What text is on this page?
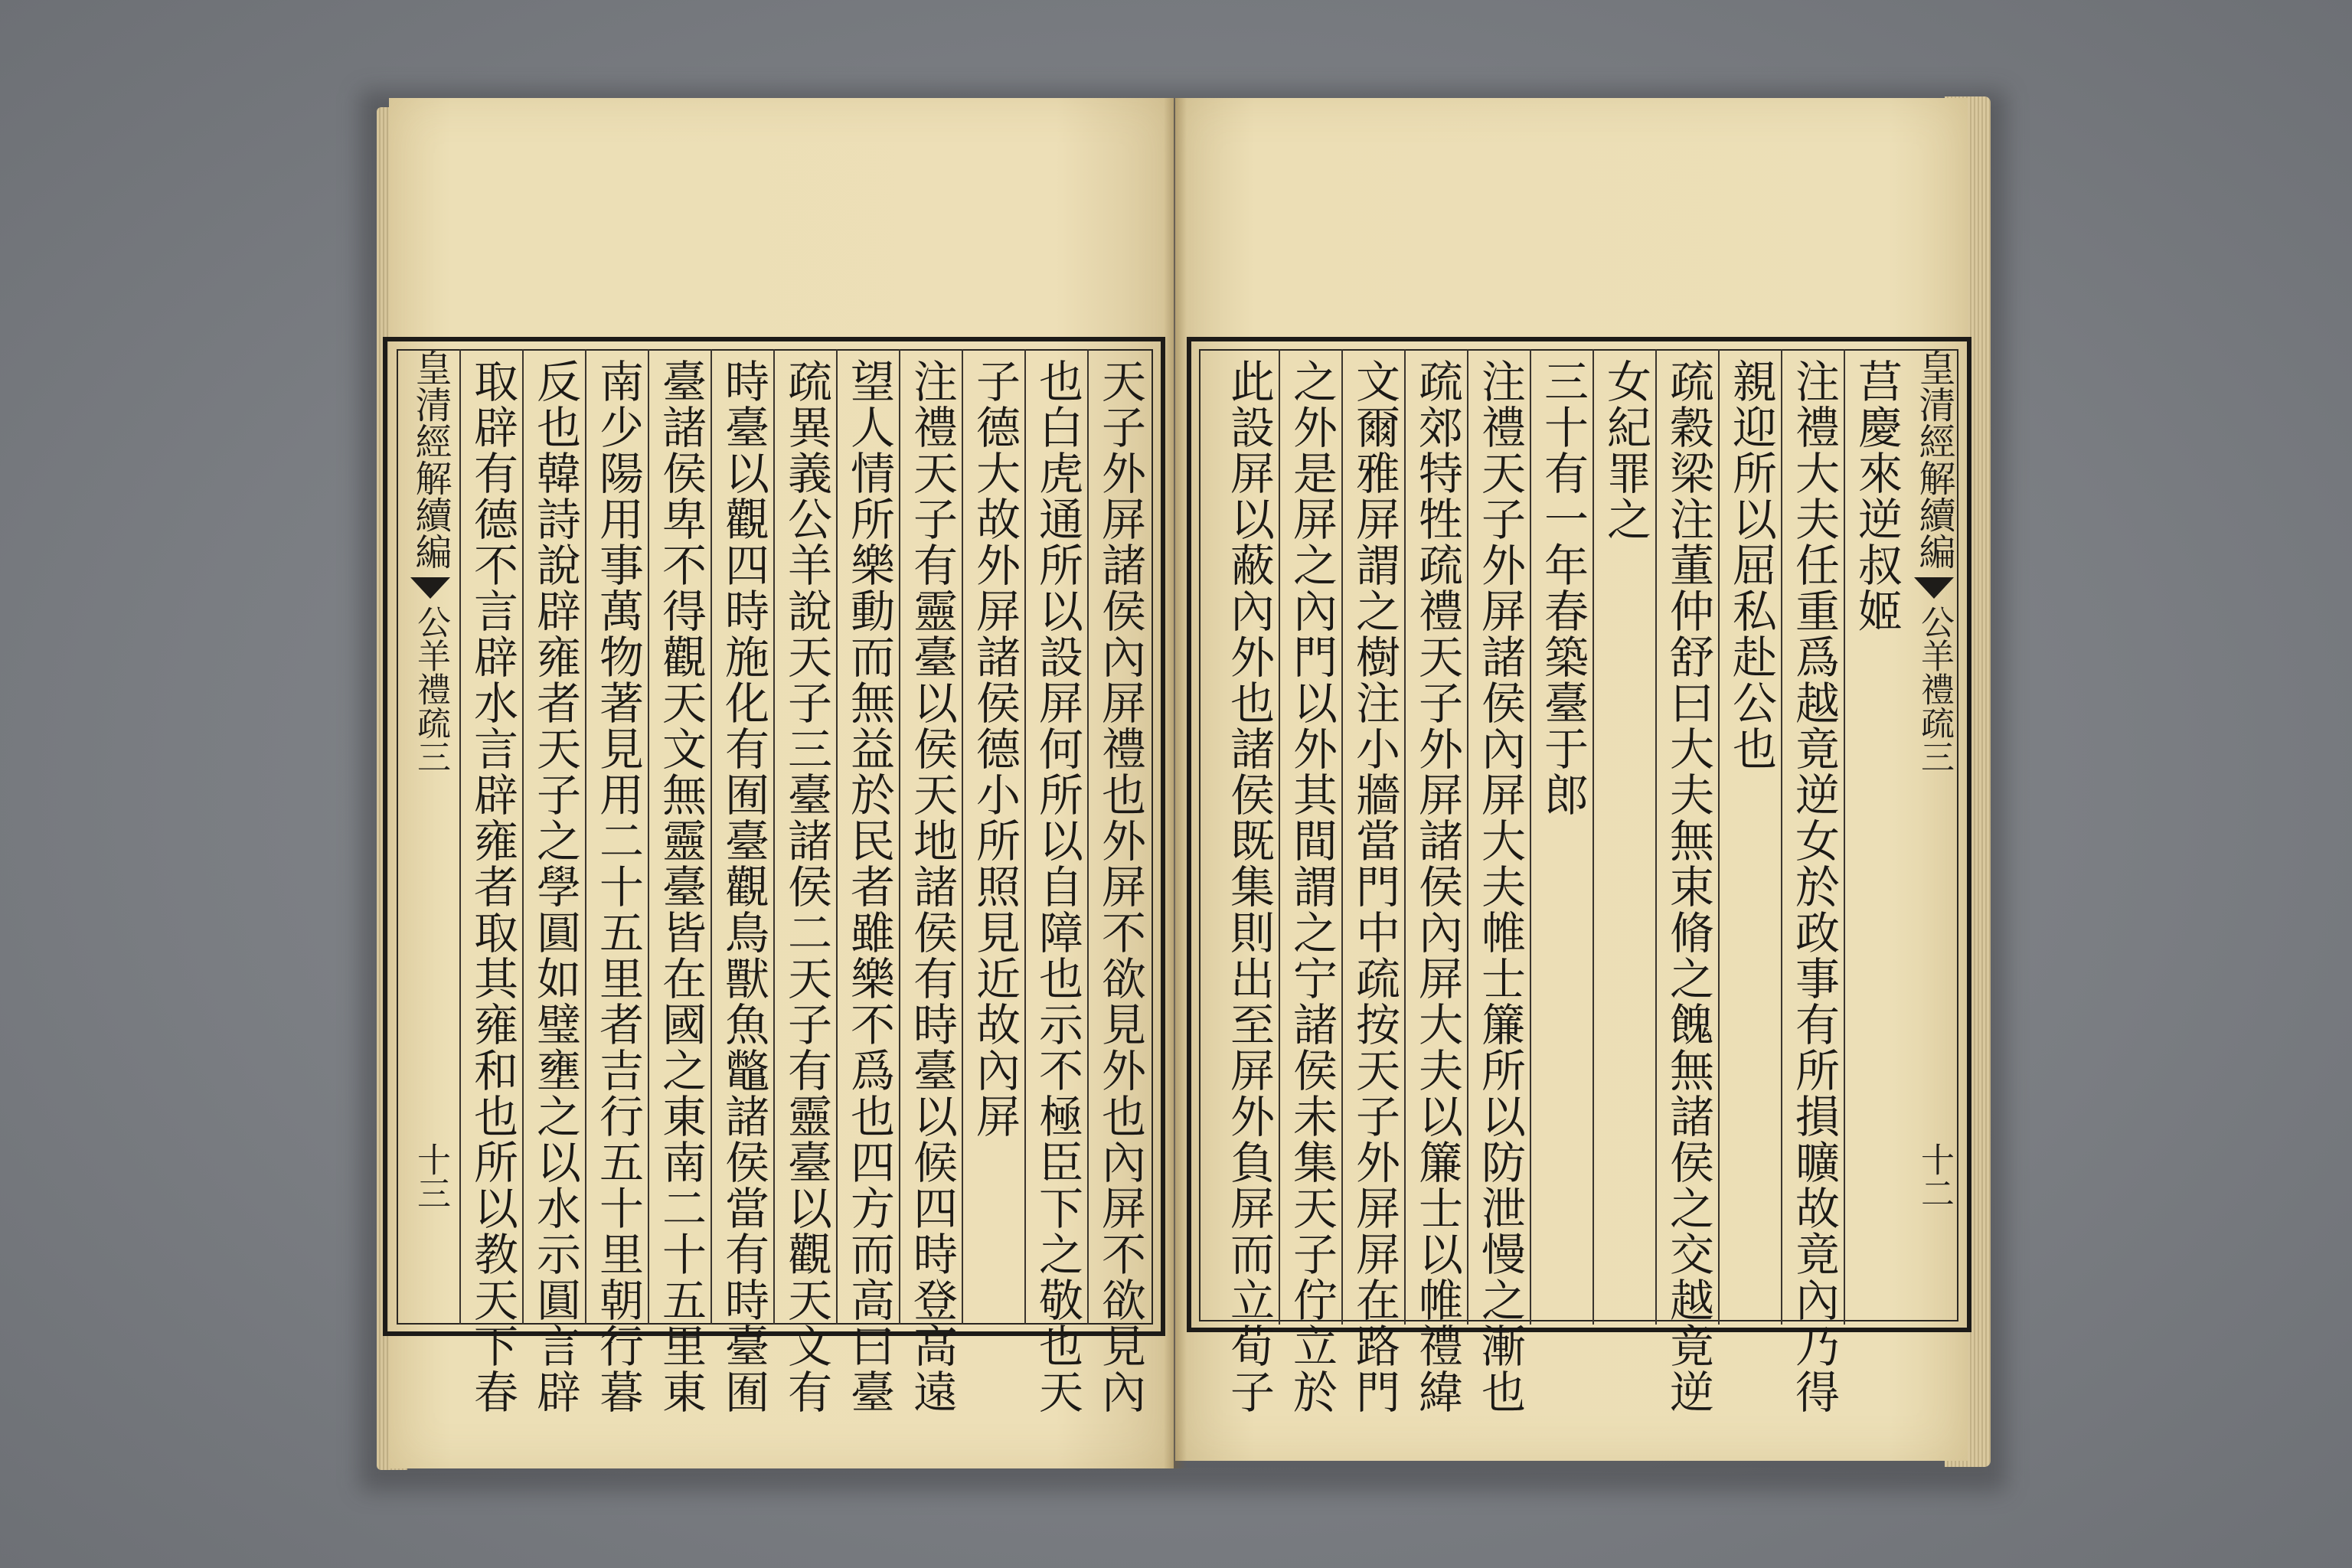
天子外屏諸侯內屏禮也外屏不欲見外也內屏不欲見內
也白虎通所以設屏何所以自障也示不極臣下之敬也天
子德大故外屏諸侯德小所照見近故內屏
注禮天子有靈臺以侯天地諸侯有時臺以候四時登高遠
望人情所樂動而無益於民者雖樂不爲也四方而高曰臺
疏異義公羊說天子三臺諸侯二天子有靈臺以觀天文有
時臺以觀四時施化有囿臺觀鳥獸魚鼈諸侯當有時臺囿
臺諸侯卑不得觀天文無靈臺皆在國之東南二十五里東
南少陽用事萬物著見用二十五里者吉行五十里朝行暮
反也韓詩說辟雍者天子之學圓如璧壅之以水示圓言辟
取辟有德不言辟水言辟雍者取其雍和也所以教天下春
皇清經解續編
公羊禮疏三
十三
莒慶來逆叔姬
注禮大夫任重爲越竟逆女於政事有所損曠故竟內乃得
親迎所以屈私赴公也
疏穀梁注董仲舒曰大夫無束脩之餽無諸侯之交越竟逆
女紀罪之
三十有一年春築臺于郎
注禮天子外屏諸侯內屏大夫帷士簾所以防泄慢之漸也
疏郊特牲疏禮天子外屏諸侯內屏大夫以簾士以帷禮緯
文爾雅屏謂之樹注小牆當門中疏按天子外屏屏在路門
之外是屏之內門以外其間謂之宁諸侯未集天子佇立於
此設屏以蔽內外也諸侯既集則出至屏外負屏而立荀子	皇清經解續編
公羊禮疏三
十二
